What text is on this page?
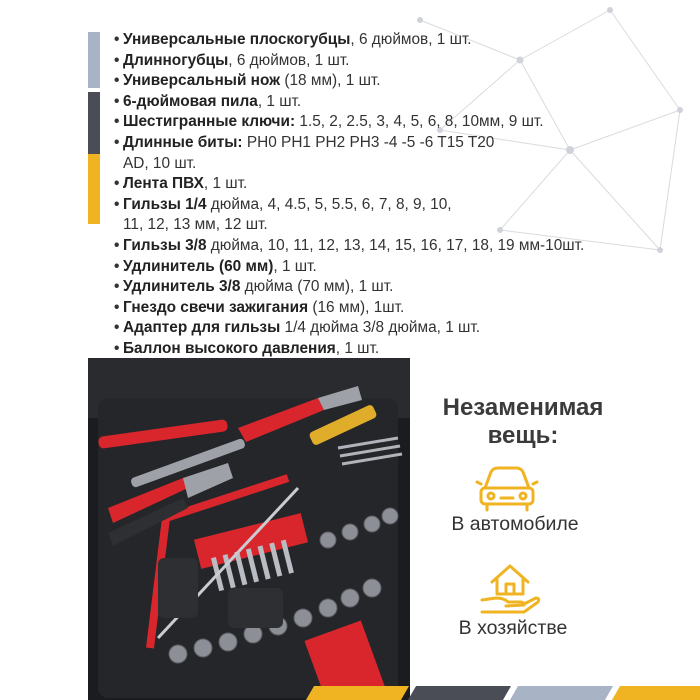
• Универсальные плоскогубцы, 6 дюймов, 1 шт.
• Длинногубцы, 6 дюймов, 1 шт.
• Универсальный нож (18 мм), 1 шт.
• 6-дюймовая пила, 1 шт.
• Шестигранные ключи: 1.5, 2, 2.5, 3, 4, 5, 6, 8, 10мм, 9 шт.
• Длинные биты: PH0 PH1 PH2 PH3 -4 -5 -6 T15 T20 AD, 10 шт.
• Лента ПВХ, 1 шт.
• Гильзы 1/4 дюйма, 4, 4.5, 5, 5.5, 6, 7, 8, 9, 10, 11, 12, 13 мм, 12 шт.
• Гильзы 3/8 дюйма, 10, 11, 12, 13, 14, 15, 16, 17, 18, 19 мм-10шт.
• Удлинитель (60 мм), 1 шт.
• Удлинитель 3/8 дюйма (70 мм), 1 шт.
• Гнездо свечи зажигания (16 мм), 1шт.
• Адаптер для гильзы 1/4 дюйма 3/8 дюйма, 1 шт.
• Баллон высокого давления, 1 шт.
Незаменимая вещь:
В автомобиле
В хозяйстве
